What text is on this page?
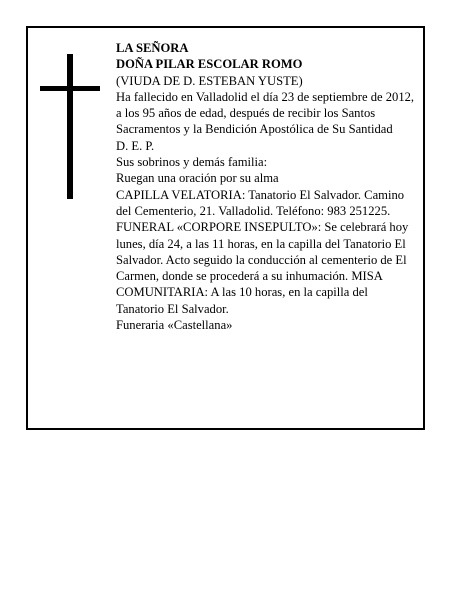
LA SEÑORA
DOÑA PILAR ESCOLAR ROMO
(VIUDA DE D. ESTEBAN YUSTE)
Ha fallecido en Valladolid el día 23 de septiembre de 2012, a los 95 años de edad, después de recibir los Santos Sacramentos y la Bendición Apostólica de Su Santidad
D. E. P.
Sus sobrinos y demás familia:
Ruegan una oración por su alma
CAPILLA VELATORIA: Tanatorio El Salvador. Camino del Cementerio, 21. Valladolid. Teléfono: 983 251225.
FUNERAL «CORPORE INSEPULTO»: Se celebrará hoy lunes, día 24, a las 11 horas, en la capilla del Tanatorio El Salvador. Acto seguido la conducción al cementerio de El Carmen, donde se procederá a su inhumación. MISA COMUNITARIA: A las 10 horas, en la capilla del Tanatorio El Salvador.
Funeraria «Castellana»
